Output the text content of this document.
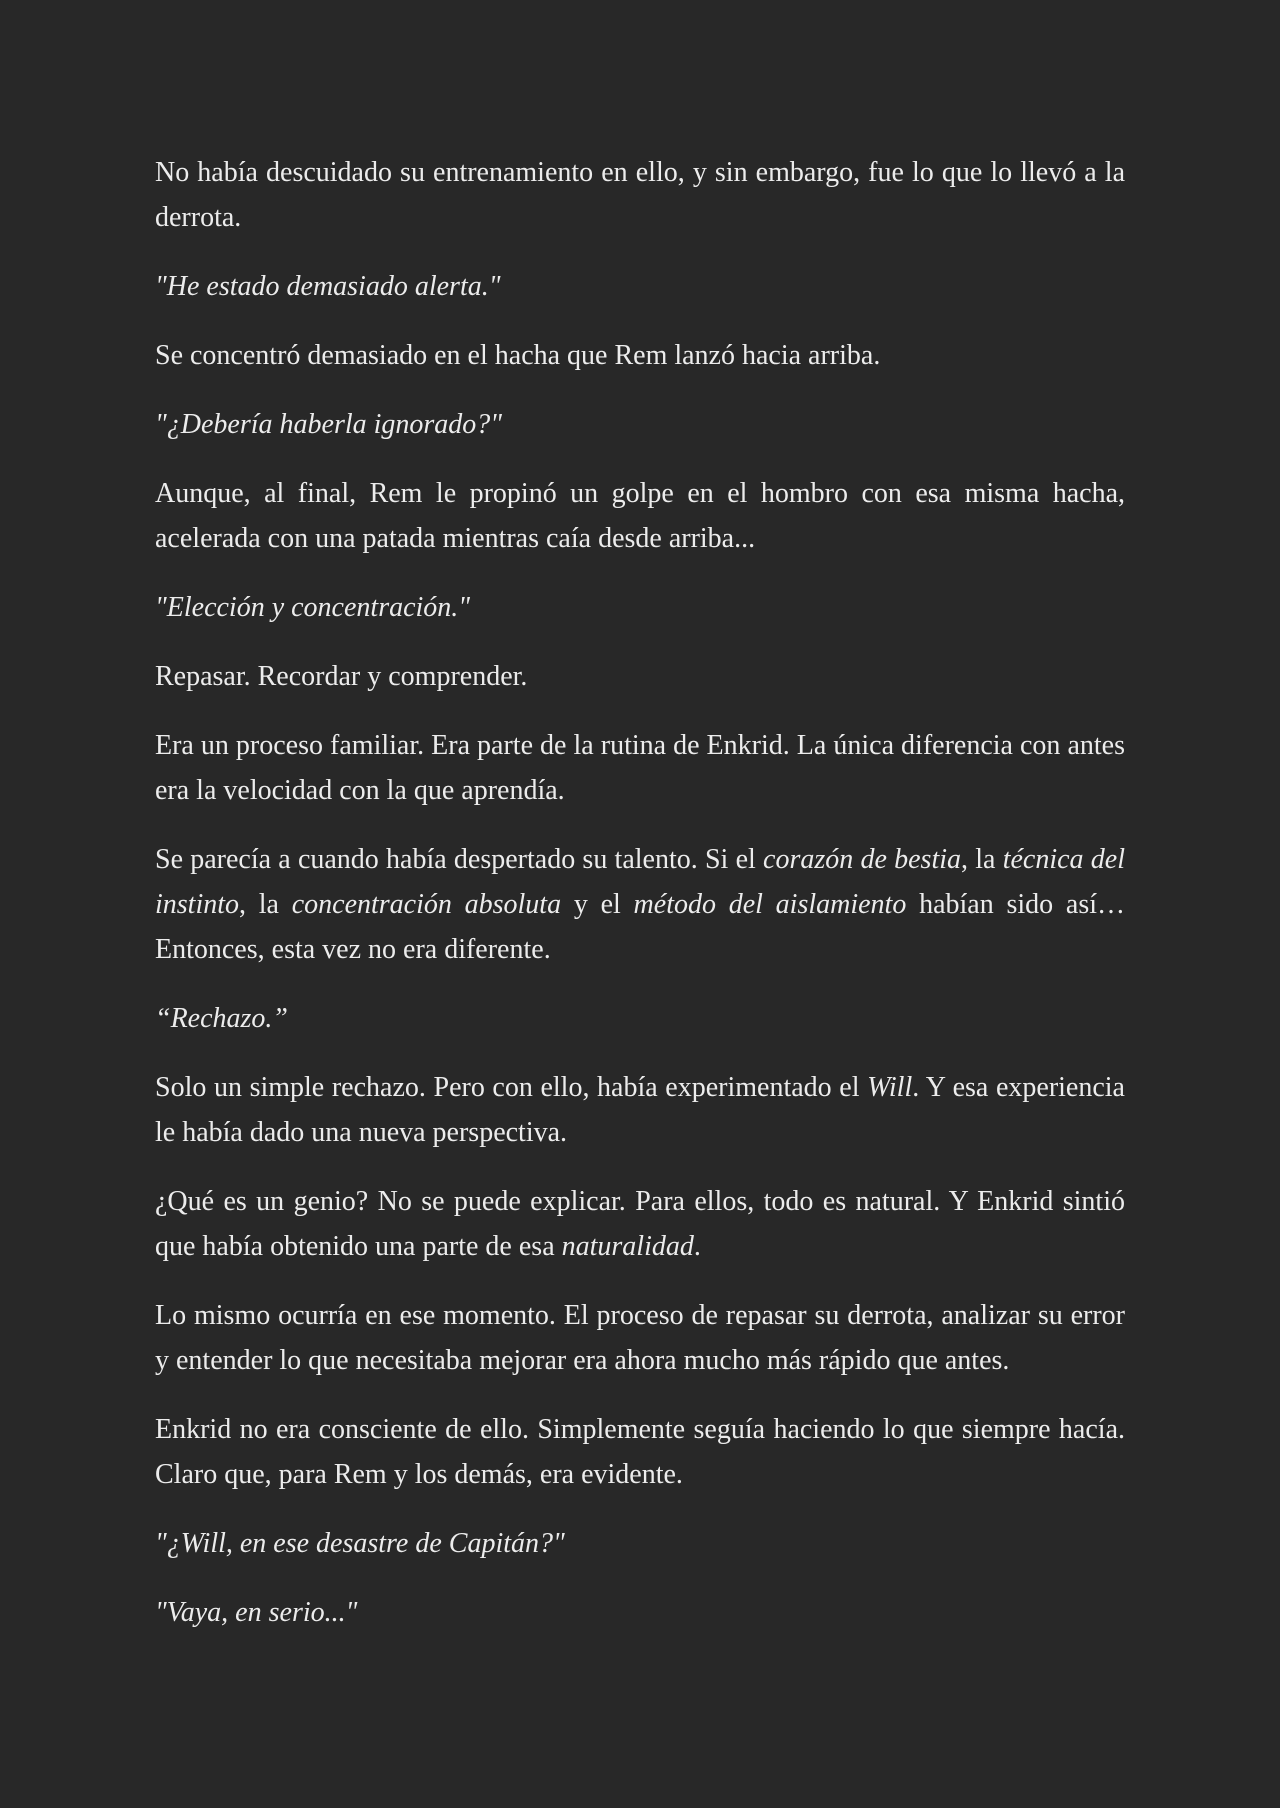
No había descuidado su entrenamiento en ello, y sin embargo, fue lo que lo llevó a la derrota.

"He estado demasiado alerta."

Se concentró demasiado en el hacha que Rem lanzó hacia arriba.

"¿Debería haberla ignorado?"

Aunque, al final, Rem le propinó un golpe en el hombro con esa misma hacha, acelerada con una patada mientras caía desde arriba...

"Elección y concentración."

Repasar. Recordar y comprender.

Era un proceso familiar. Era parte de la rutina de Enkrid. La única diferencia con antes era la velocidad con la que aprendía.

Se parecía a cuando había despertado su talento. Si el corazón de bestia, la técnica del instinto, la concentración absoluta y el método del aislamiento habían sido así… Entonces, esta vez no era diferente.

“Rechazo.”

Solo un simple rechazo. Pero con ello, había experimentado el Will. Y esa experiencia le había dado una nueva perspectiva.

¿Qué es un genio? No se puede explicar. Para ellos, todo es natural. Y Enkrid sintió que había obtenido una parte de esa naturalidad.

Lo mismo ocurría en ese momento. El proceso de repasar su derrota, analizar su error y entender lo que necesitaba mejorar era ahora mucho más rápido que antes.

Enkrid no era consciente de ello. Simplemente seguía haciendo lo que siempre hacía. Claro que, para Rem y los demás, era evidente.

"¿Will, en ese desastre de Capitán?"

"Vaya, en serio..."
